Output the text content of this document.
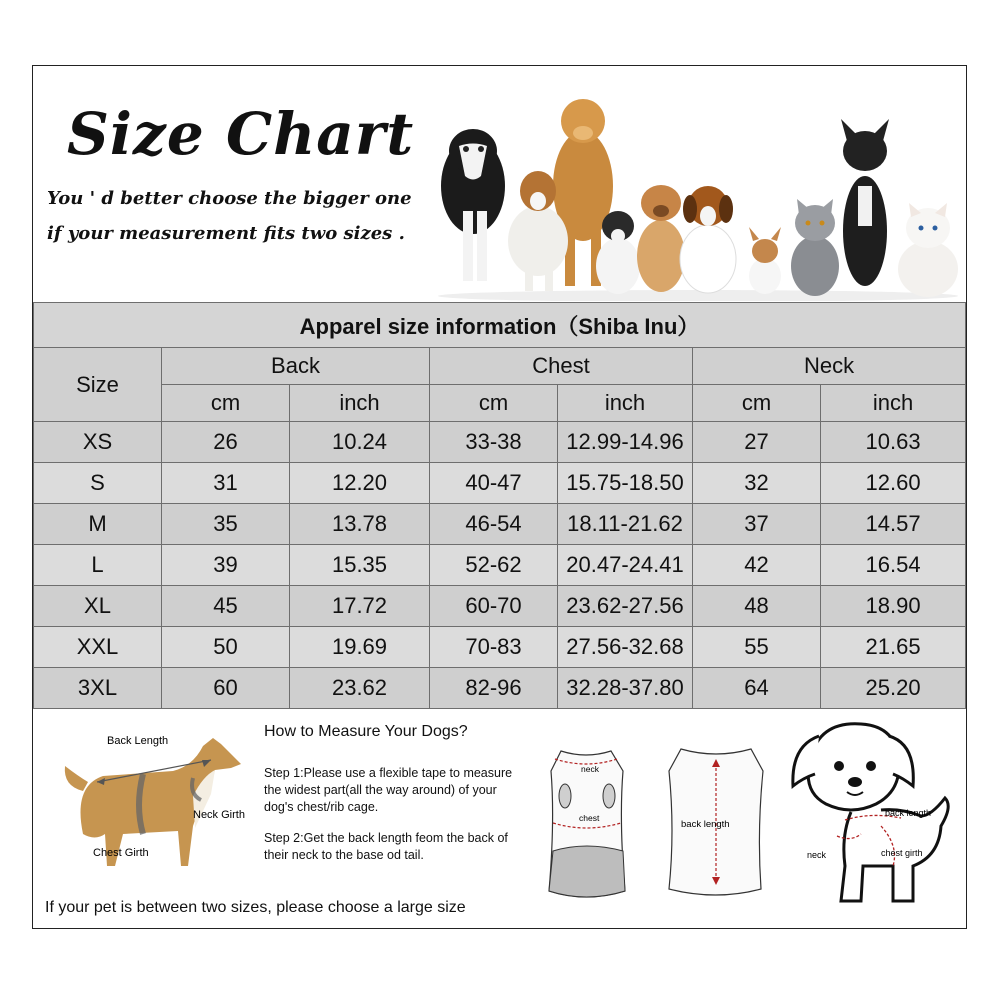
Size Chart
You ' d better choose the bigger one
if your measurement fits two sizes .
Apparel size information（Shiba Inu）						
Size	Back		Chest		Neck	
	cm	inch	cm	inch	cm	inch
XS	26	10.24	33-38	12.99-14.96	27	10.63
S	31	12.20	40-47	15.75-18.50	32	12.60
M	35	13.78	46-54	18.11-21.62	37	14.57
L	39	15.35	52-62	20.47-24.41	42	16.54
XL	45	17.72	60-70	23.62-27.56	48	18.90
XXL	50	19.69	70-83	27.56-32.68	55	21.65
3XL	60	23.62	82-96	32.28-37.80	64	25.20
Back Length
Neck Girth
Chest Girth
How to Measure Your Dogs?
Step 1:Please use a flexible tape to measure the widest part(all the way around) of your dog's chest/rib cage.
Step 2:Get the back length feom the back of their neck to the base od tail.
neck
chest
back length
back length
neck	chest girth
If your pet is between two sizes, please choose a large size
